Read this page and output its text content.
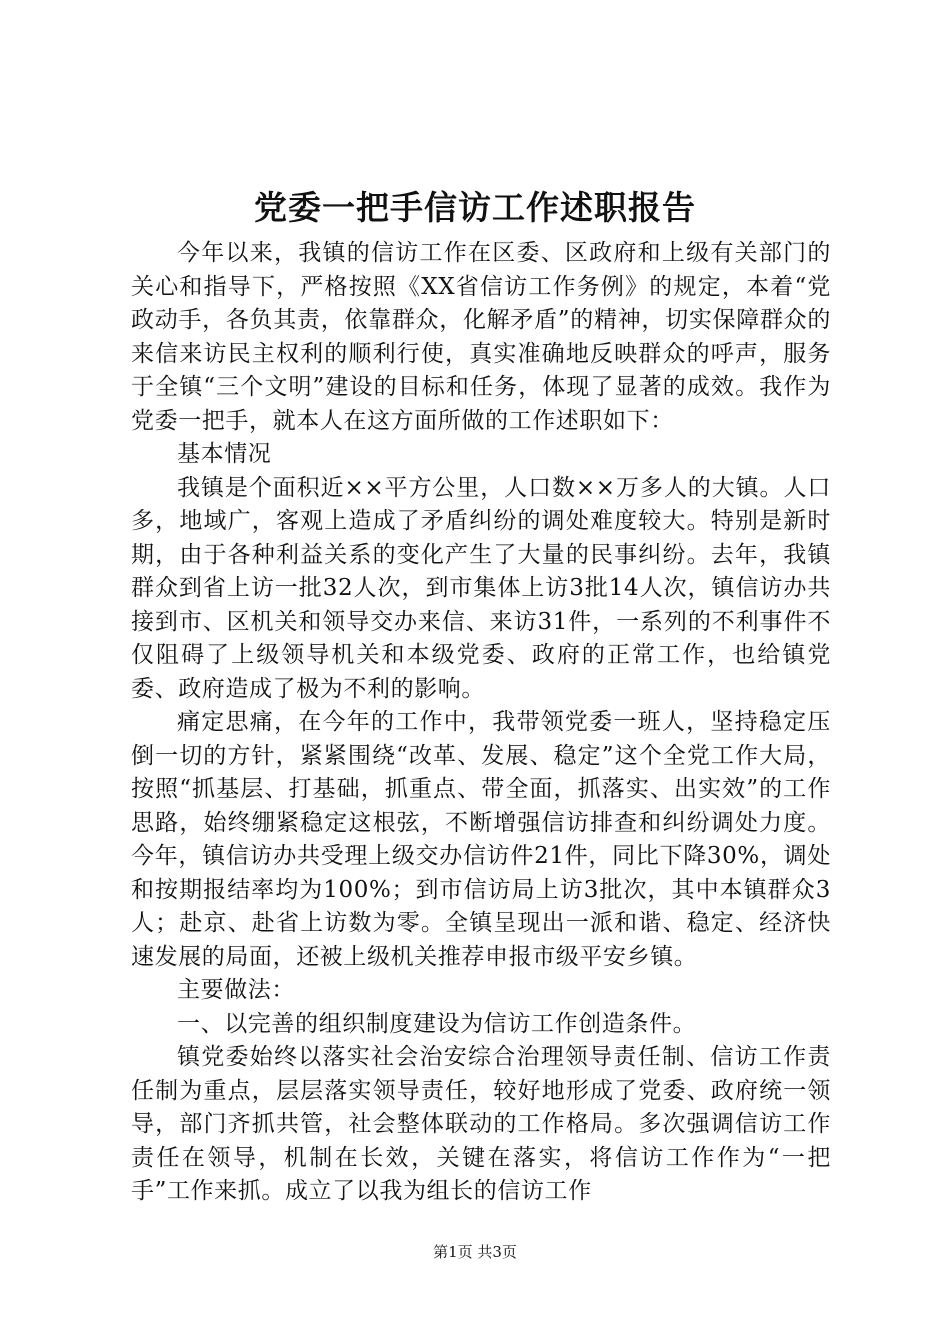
党委一把手信访工作述职报告

今年以来，我镇的信访工作在区委、区政府和上级有关部门的关心和指导下，严格按照《XX省信访工作务例》的规定，本着“党政动手，各负其责，依靠群众，化解矛盾”的精神，切实保障群众的来信来访民主权利的顺利行使，真实准确地反映群众的呼声，服务于全镇“三个文明”建设的目标和任务，体现了显著的成效。我作为党委一把手，就本人在这方面所做的工作述职如下：

基本情况

我镇是个面积近××平方公里，人口数××万多人的大镇。人口多，地域广，客观上造成了矛盾纠纷的调处难度较大。特别是新时期，由于各种利益关系的变化产生了大量的民事纠纷。去年，我镇群众到省上访一批32人次，到市集体上访3批14人次，镇信访办共接到市、区机关和领导交办来信、来访31件，一系列的不利事件不仅阻碍了上级领导机关和本级党委、政府的正常工作，也给镇党委、政府造成了极为不利的影响。

痛定思痛，在今年的工作中，我带领党委一班人，坚持稳定压倒一切的方针，紧紧围绕“改革、发展、稳定”这个全党工作大局，按照“抓基层、打基础，抓重点、带全面，抓落实、出实效”的工作思路，始终绷紧稳定这根弦，不断增强信访排查和纠纷调处力度。今年，镇信访办共受理上级交办信访件21件，同比下降30%，调处和按期报结率均为100%；到市信访局上访3批次，其中本镇群众3人；赴京、赴省上访数为零。全镇呈现出一派和谐、稳定、经济快速发展的局面，还被上级机关推荐申报市级平安乡镇。

主要做法：

一、以完善的组织制度建设为信访工作创造条件。

镇党委始终以落实社会治安综合治理领导责任制、信访工作责任制为重点，层层落实领导责任，较好地形成了党委、政府统一领导，部门齐抓共管，社会整体联动的工作格局。多次强调信访工作责任在领导，机制在长效，关键在落实，将信访工作作为“一把手”工作来抓。成立了以我为组长的信访工作

第1页 共3页
